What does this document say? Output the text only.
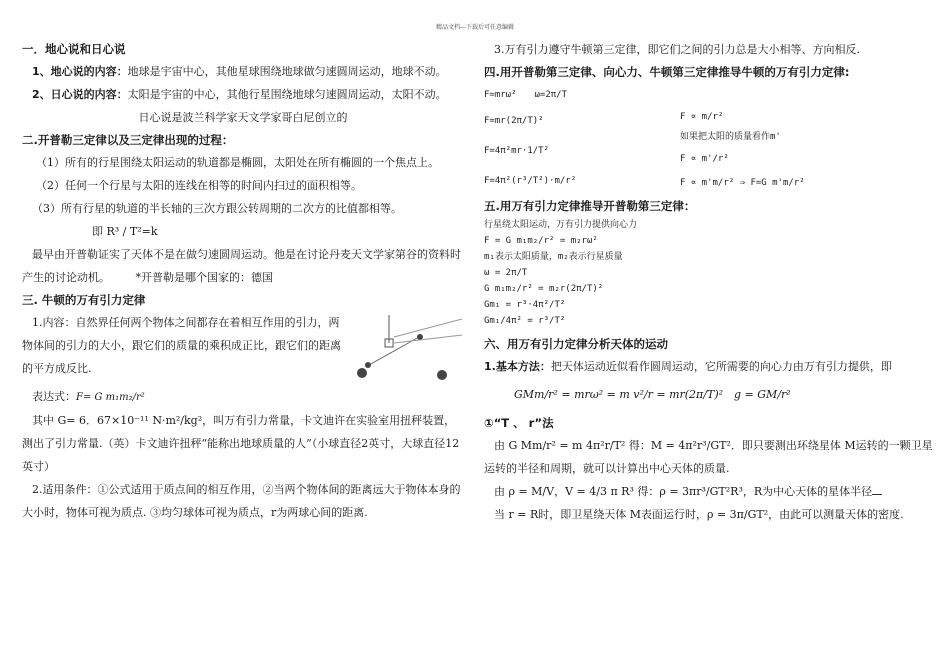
精品文档---下载后可任意编辑

一．地心说和日心说

1、地心说的内容：地球是宇宙中心，其他星球围绕地球做匀速圆周运动，地球不动。

2、日心说的内容：太阳是宇宙的中心，其他行星围绕地球匀速圆周运动，太阳不动。

日心说是波兰科学家天文学家哥白尼创立的

二.开普勒三定律以及三定律出现的过程：

（1）所有的行星围绕太阳运动的轨道都是椭圆，太阳处在所有椭圆的一个焦点上。

（2）任何一个行星与太阳的连线在相等的时间内扫过的面积相等。

（3）所有行星的轨道的半长轴的三次方跟公转周期的二次方的比值都相等。

即 R³ / T²=k

最早由开普勒证实了天体不是在做匀速圆周运动。他是在讨论丹麦天文学家第谷的资料时产生的讨论动机。 　　*开普勒是哪个国家的：德国

三. 牛顿的万有引力定律

1.内容：自然界任何两个物体之间都存在着相互作用的引力，两物体间的引力的大小，跟它们的质量的乘积成正比，跟它们的距离的平方成反比.

表达式：F= G m₁m₂/r²

其中 G= 6．67×10⁻¹¹ N·m²/kg²，叫万有引力常量，卡文迪许在实验室用扭秤装置，测出了引力常量.（英）卡文迪许扭秤“能称出地球质量的人”（小球直径2英寸，大球直径12英寸）

2.适用条件：①公式适用于质点间的相互作用，②当两个物体间的距离远大于物体本身的大小时，物体可视为质点. ③均匀球体可视为质点，r为两球心间的距离.

3.万有引力遵守牛顿第三定律，即它们之间的引力总是大小相等、方向相反.

四.用开普勒第三定律、向心力、牛顿第三定律推导牛顿的万有引力定律:

F=mrω²　　ω=2π/T

F=mr(2π/T)²

F=4π²mr·1/T²

F=4π²(r³/T²)·m/r²

F ∝ m/r²

如果把太阳的质量看作m'

F ∝ m'/r²

F ∝ m'm/r² ⇒ F=G m'm/r²

五.用万有引力定律推导开普勒第三定律：

行星绕太阳运动，万有引力提供向心力

F = G m₁m₂/r² = m₂rω²

m₁表示太阳质量，m₂表示行星质量

ω = 2π/T

G m₁m₂/r² = m₂r(2π/T)²

Gm₁ = r³·4π²/T²

Gm₁/4π² = r³/T²

六、用万有引力定律分析天体的运动

1.基本方法：把天体运动近似看作圆周运动，它所需要的向心力由万有引力提供，即

GMm/r² = mrω² = m v²/r = mr(2π/T)²　g = GM/r²

①“T 、 r”法

由 G Mm/r² = m 4π²r/T² 得：M = 4π²r³/GT²．即只要测出环绕星体 M运转的一颗卫星运转的半径和周期，就可以计算出中心天体的质量.

由 ρ = M/V，V = 4/3 π R³ 得：ρ = 3πr³/GT²R³，R为中心天体的星体半径

当 r = R时，即卫星绕天体 M表面运行时，ρ = 3π/GT²，由此可以测量天体的密度.
